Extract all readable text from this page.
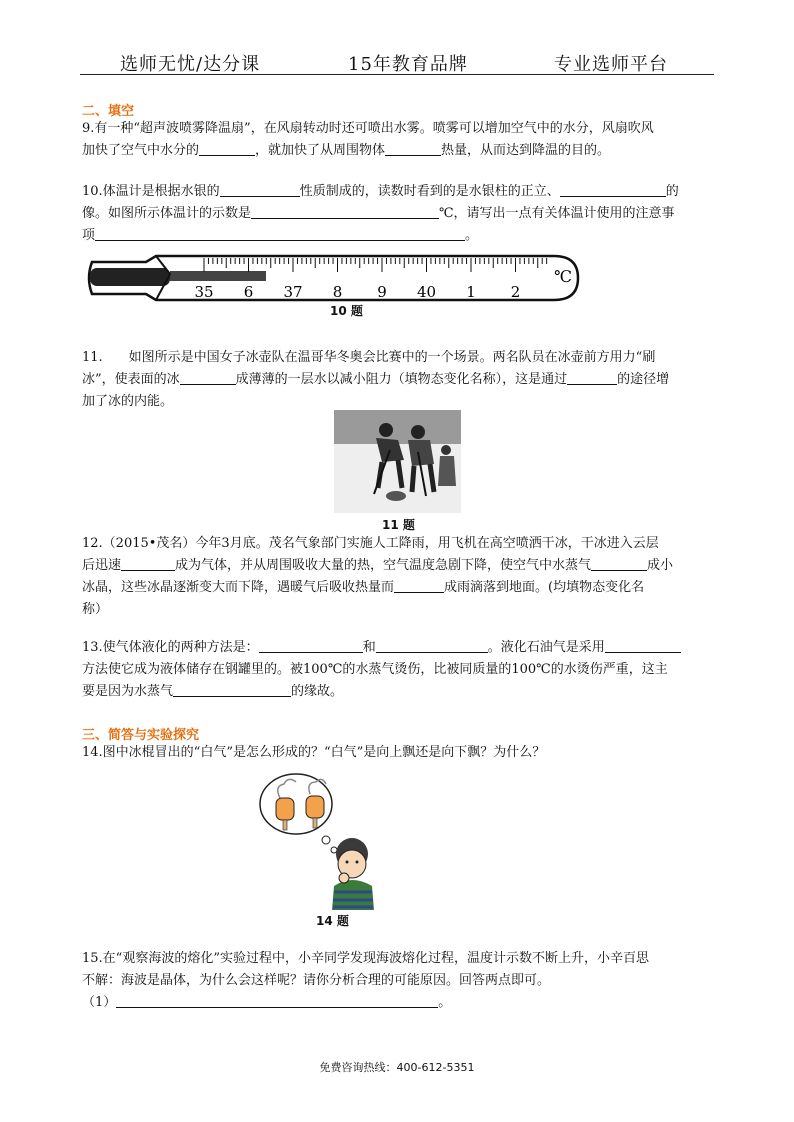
选师无忧/达分课	15年教育品牌	专业选师平台
二、填空
9.有一种“超声波喷雾降温扇”，在风扇转动时还可喷出水雾。喷雾可以增加空气中的水分，风扇吹风
加快了空气中水分的	，就加快了从周围物体	热量，从而达到降温的目的。
10.体温计是根据水银的	性质制成的，读数时看到的是水银柱的正立、	的
像。如图所示体温计的示数是	℃，请写出一点有关体温计使用的注意事
项	。
35 6 37 8 9 40 1 2
℃
10 题
11.　　如图所示是中国女子冰壶队在温哥华冬奥会比赛中的一个场景。两名队员在冰壶前方用力“刷
冰”，使表面的冰	成薄薄的一层水以减小阻力（填物态变化名称），这是通过	的途径增
加了冰的内能。
11 题
12.（2015•茂名）今年3月底。茂名气象部门实施人工降雨，用飞机在高空喷洒干冰，干冰进入云层
后迅速	成为气体，并从周围吸收大量的热，空气温度急剧下降，使空气中水蒸气	成小
冰晶，这些冰晶逐渐变大而下降，遇暖气后吸收热量而	成雨滴落到地面。(均填物态变化名
称）
13.使气体液化的两种方法是：	和	。液化石油气是采用
方法使它成为液体储存在钢罐里的。被100℃的水蒸气烫伤，比被同质量的100℃的水烫伤严重，这主
要是因为水蒸气	的缘故。
三、简答与实验探究
14.图中冰棍冒出的“白气”是怎么形成的？“白气”是向上飘还是向下飘？为什么？
14 题
15.在“观察海波的熔化”实验过程中，小辛同学发现海波熔化过程，温度计示数不断上升，小辛百思
不解：海波是晶体，为什么会这样呢？请你分析合理的可能原因。回答两点即可。
（1）	。
免费咨询热线：400-612-5351
